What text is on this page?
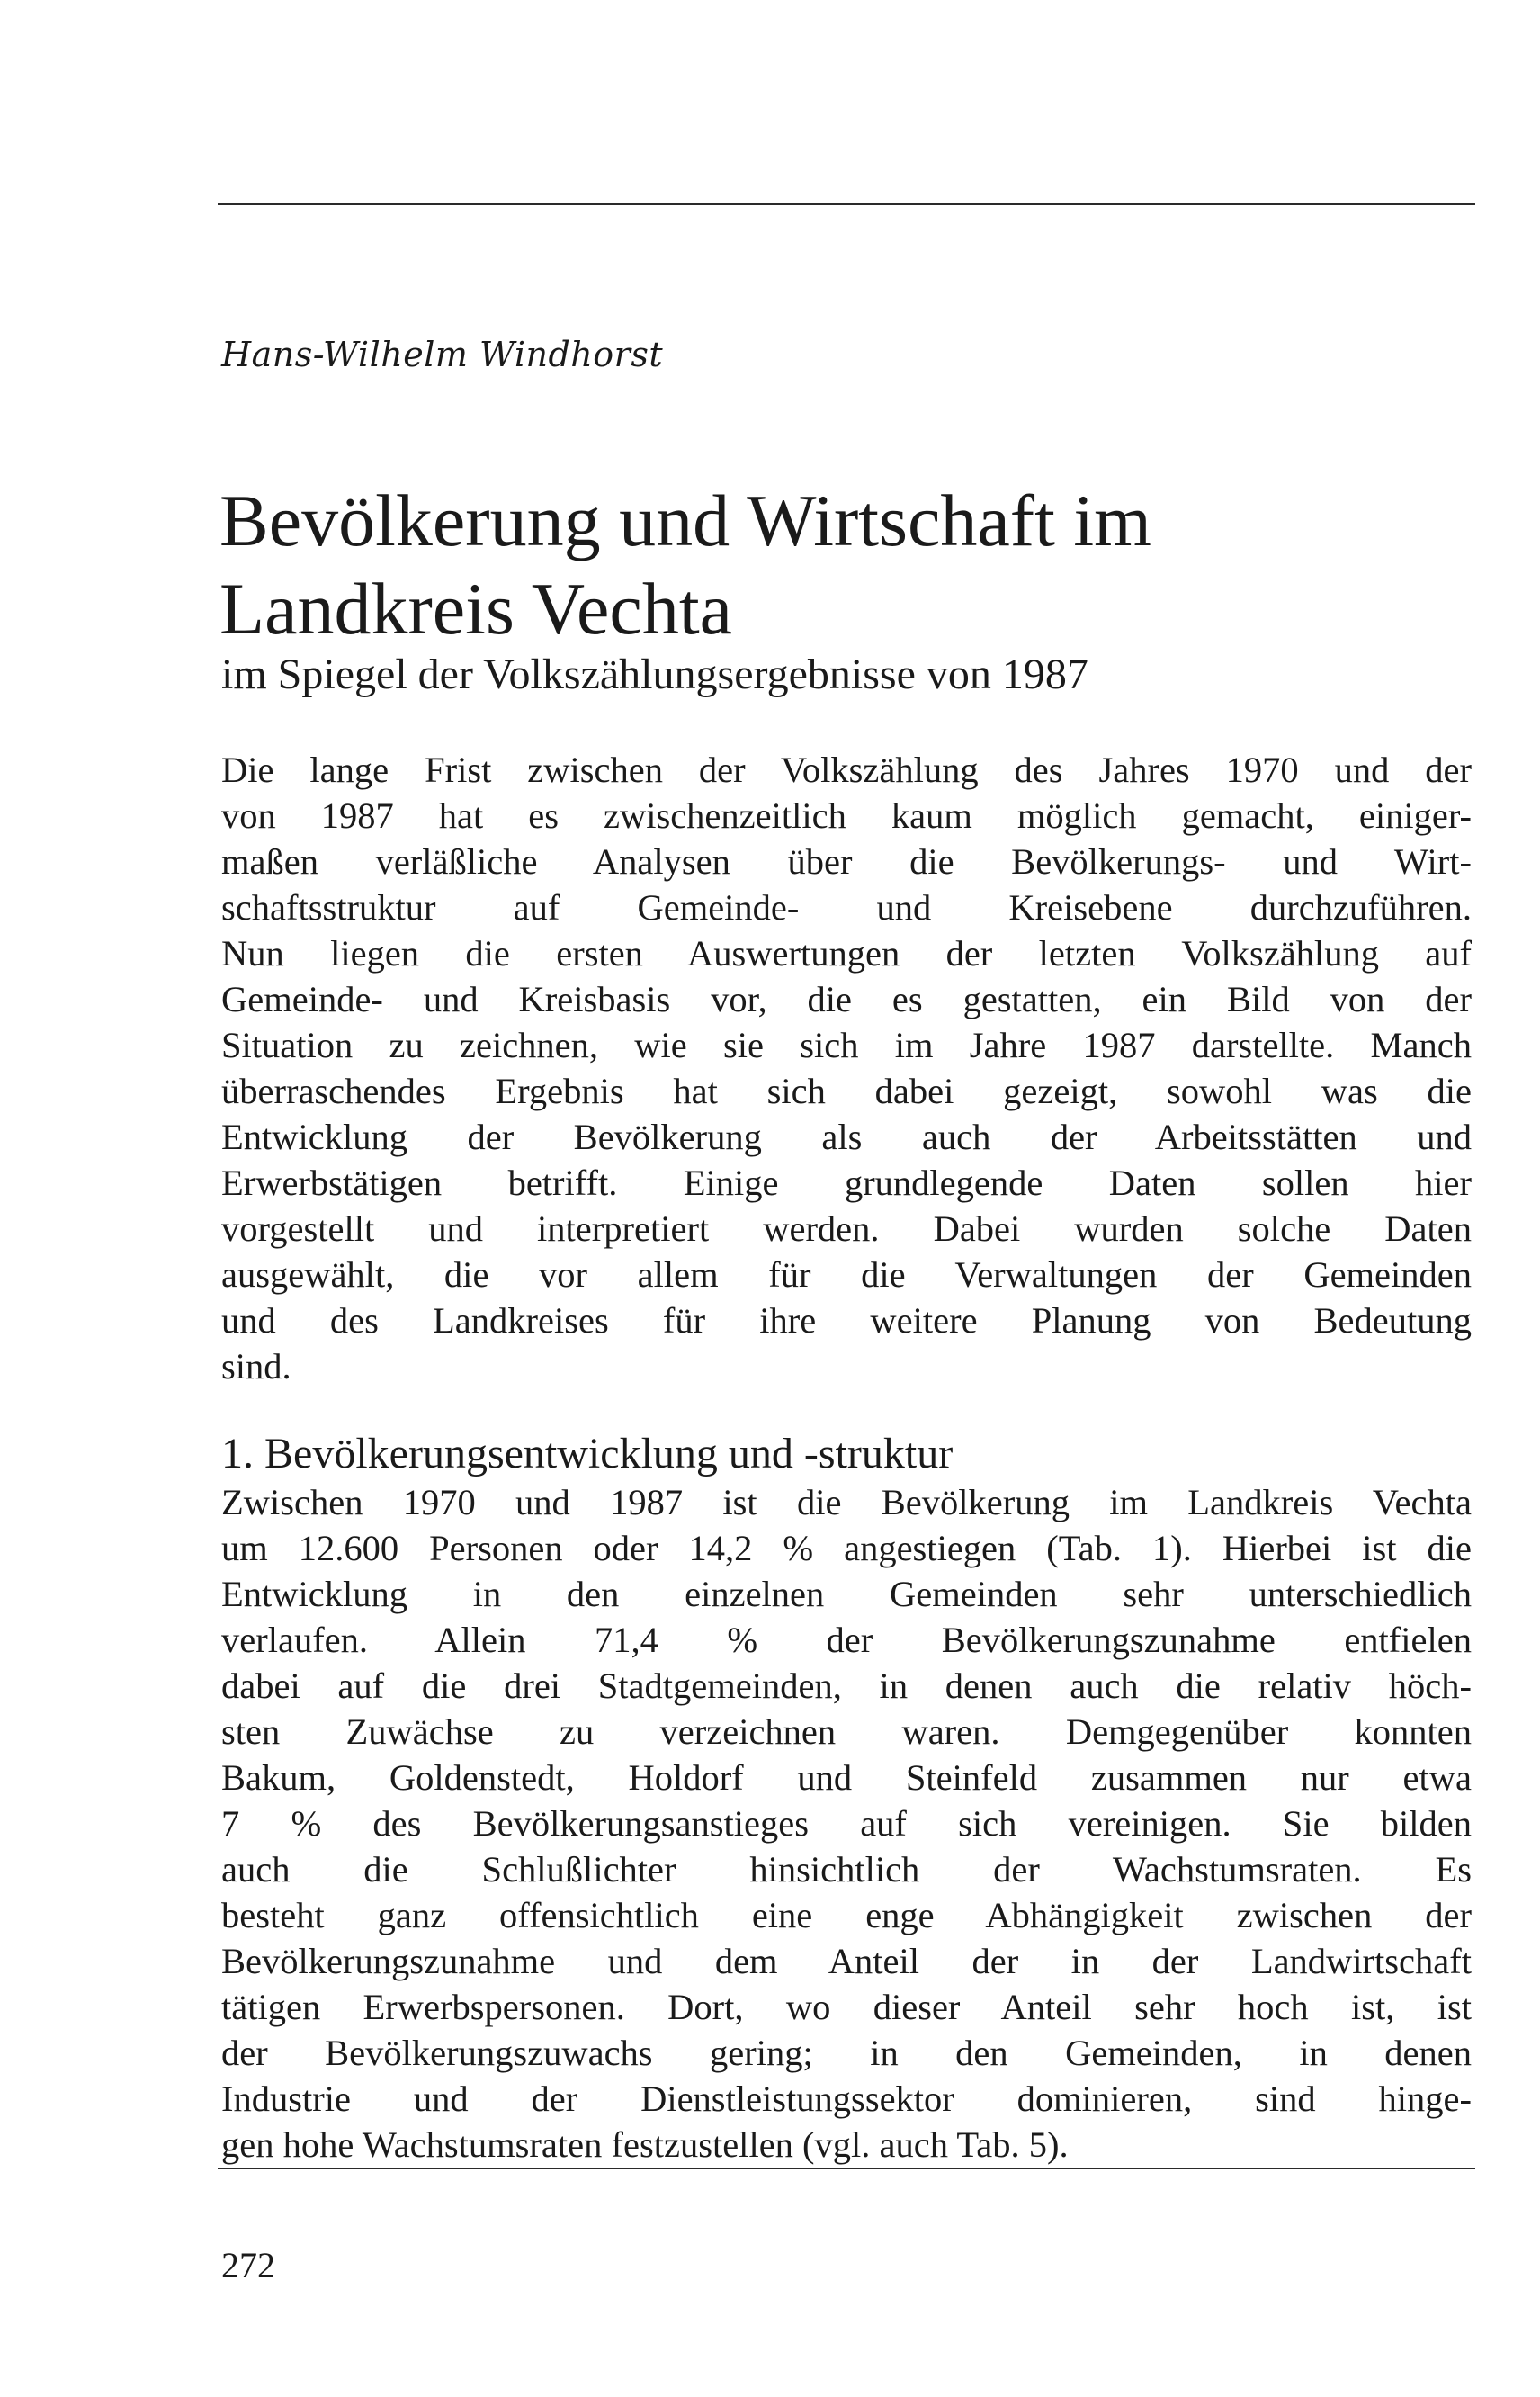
Hans-Wilhelm Windhorst
Bevölkerung und Wirtschaft im
Landkreis Vechta
im Spiegel der Volkszählungsergebnisse von 1987

Die lange Frist zwischen der Volkszählung des Jahres 1970 und der
von 1987 hat es zwischenzeitlich kaum möglich gemacht, einiger-
maßen verläßliche Analysen über die Bevölkerungs- und Wirt-
schaftsstruktur auf Gemeinde- und Kreisebene durchzuführen.
Nun liegen die ersten Auswertungen der letzten Volkszählung auf
Gemeinde- und Kreisbasis vor, die es gestatten, ein Bild von der
Situation zu zeichnen, wie sie sich im Jahre 1987 darstellte. Manch
überraschendes Ergebnis hat sich dabei gezeigt, sowohl was die
Entwicklung der Bevölkerung als auch der Arbeitsstätten und
Erwerbstätigen betrifft. Einige grundlegende Daten sollen hier
vorgestellt und interpretiert werden. Dabei wurden solche Daten
ausgewählt, die vor allem für die Verwaltungen der Gemeinden
und des Landkreises für ihre weitere Planung von Bedeutung
sind.

1. Bevölkerungsentwicklung und -struktur

Zwischen 1970 und 1987 ist die Bevölkerung im Landkreis Vechta
um 12.600 Personen oder 14,2 % angestiegen (Tab. 1). Hierbei ist die
Entwicklung in den einzelnen Gemeinden sehr unterschiedlich
verlaufen. Allein 71,4 % der Bevölkerungszunahme entfielen
dabei auf die drei Stadtgemeinden, in denen auch die relativ höch-
sten Zuwächse zu verzeichnen waren. Demgegenüber konnten
Bakum, Goldenstedt, Holdorf und Steinfeld zusammen nur etwa
7 % des Bevölkerungsanstieges auf sich vereinigen. Sie bilden
auch die Schlußlichter hinsichtlich der Wachstumsraten. Es
besteht ganz offensichtlich eine enge Abhängigkeit zwischen der
Bevölkerungszunahme und dem Anteil der in der Landwirtschaft
tätigen Erwerbspersonen. Dort, wo dieser Anteil sehr hoch ist, ist
der Bevölkerungszuwachs gering; in den Gemeinden, in denen
Industrie und der Dienstleistungssektor dominieren, sind hinge-
gen hohe Wachstumsraten festzustellen (vgl. auch Tab. 5).

272
